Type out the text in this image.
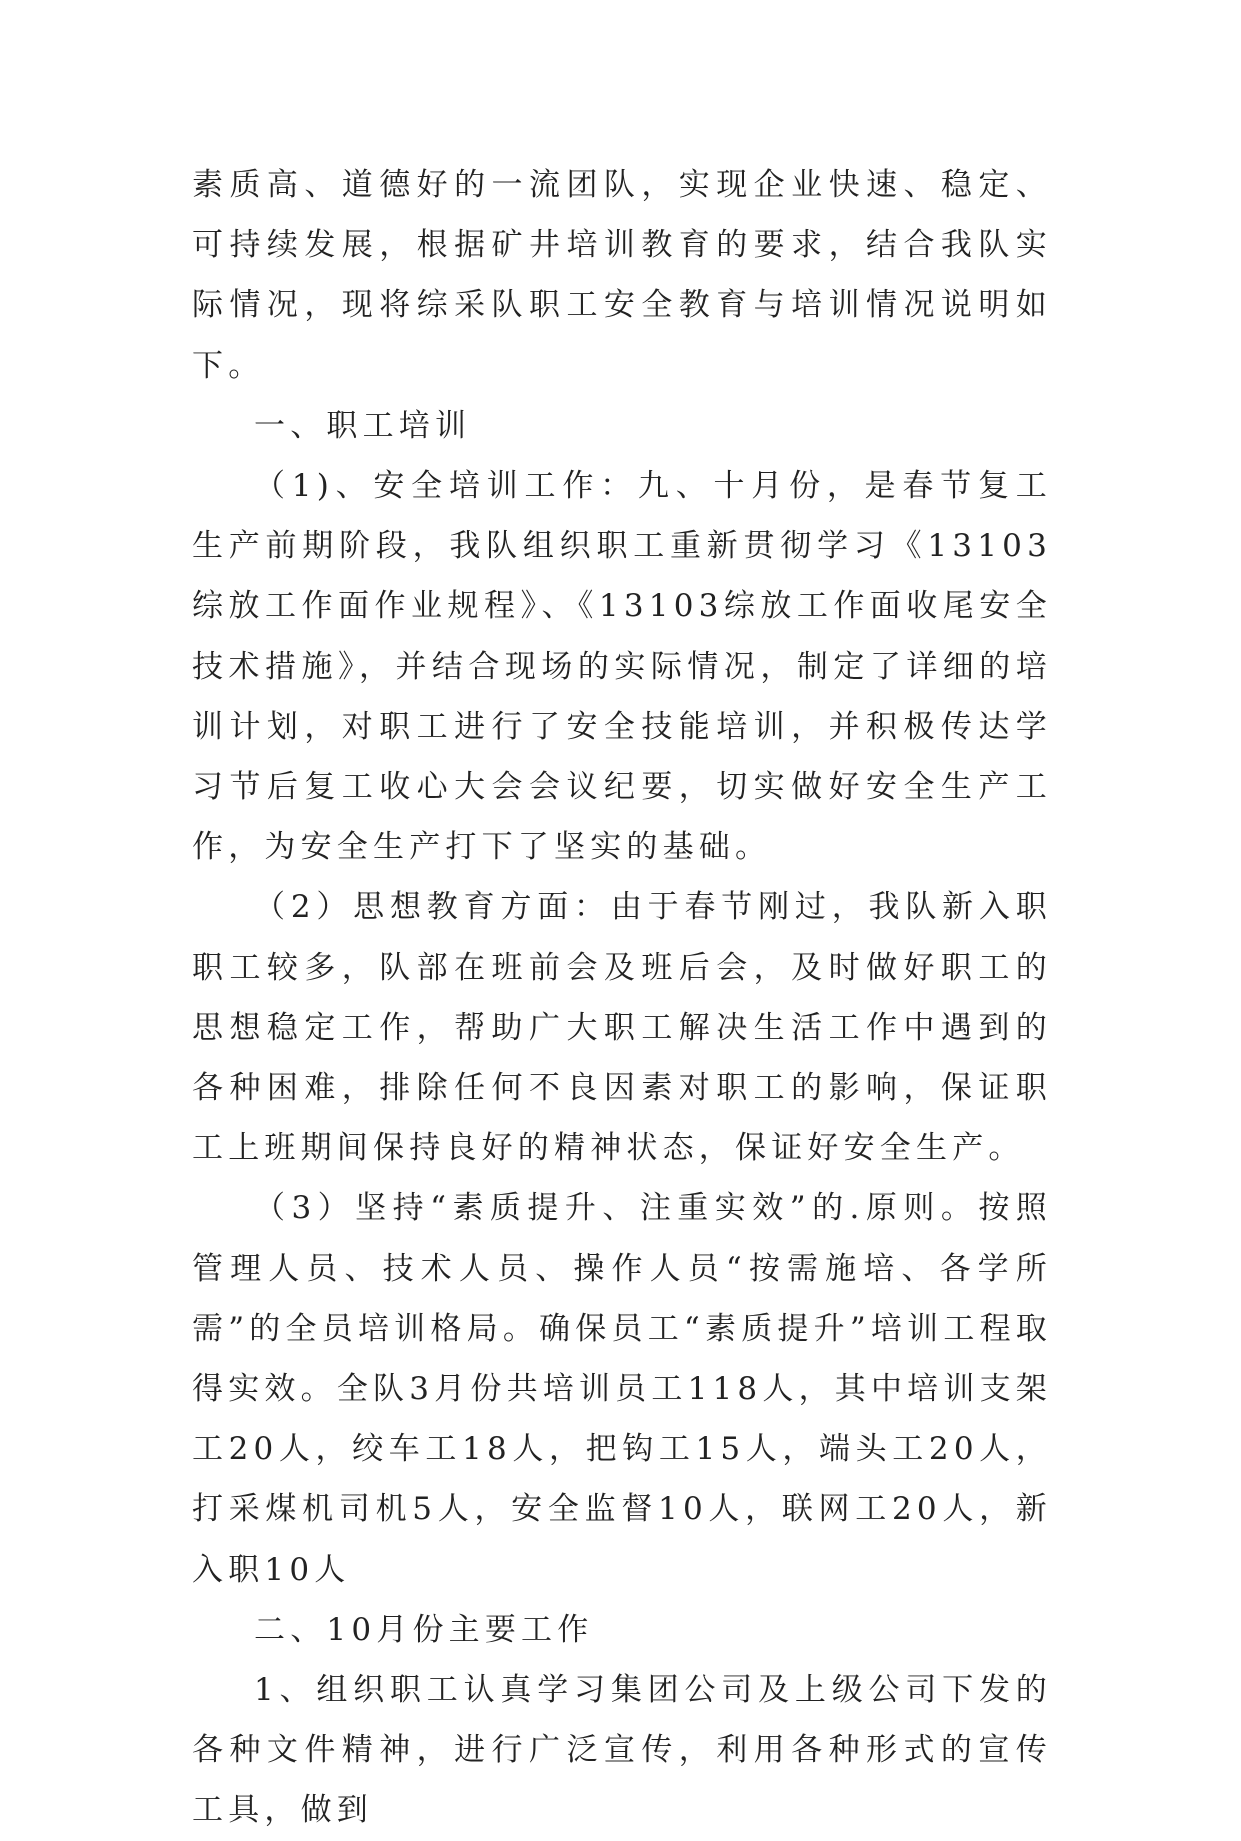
素质高、道德好的一流团队，实现企业快速、稳定、可持续发展，根据矿井培训教育的要求，结合我队实际情况，现将综采队职工安全教育与培训情况说明如下。

一、职工培训

（1)、安全培训工作：九、十月份，是春节复工生产前期阶段，我队组织职工重新贯彻学习《13103综放工作面作业规程》、《13103综放工作面收尾安全技术措施》，并结合现场的实际情况，制定了详细的培训计划，对职工进行了安全技能培训，并积极传达学习节后复工收心大会会议纪要，切实做好安全生产工作，为安全生产打下了坚实的基础。

（2）思想教育方面：由于春节刚过，我队新入职职工较多，队部在班前会及班后会，及时做好职工的思想稳定工作，帮助广大职工解决生活工作中遇到的各种困难，排除任何不良因素对职工的影响，保证职工上班期间保持良好的精神状态，保证好安全生产。

（3）坚持“素质提升、注重实效”的.原则。按照管理人员、技术人员、操作人员“按需施培、各学所需”的全员培训格局。确保员工“素质提升”培训工程取得实效。全队3月份共培训员工118人，其中培训支架工20人，绞车工18人，把钩工15人，端头工20人，打采煤机司机5人，安全监督10人，联网工20人，新入职10人

二、10月份主要工作

1、组织职工认真学习集团公司及上级公司下发的各种文件精神，进行广泛宣传，利用各种形式的宣传工具，做到
